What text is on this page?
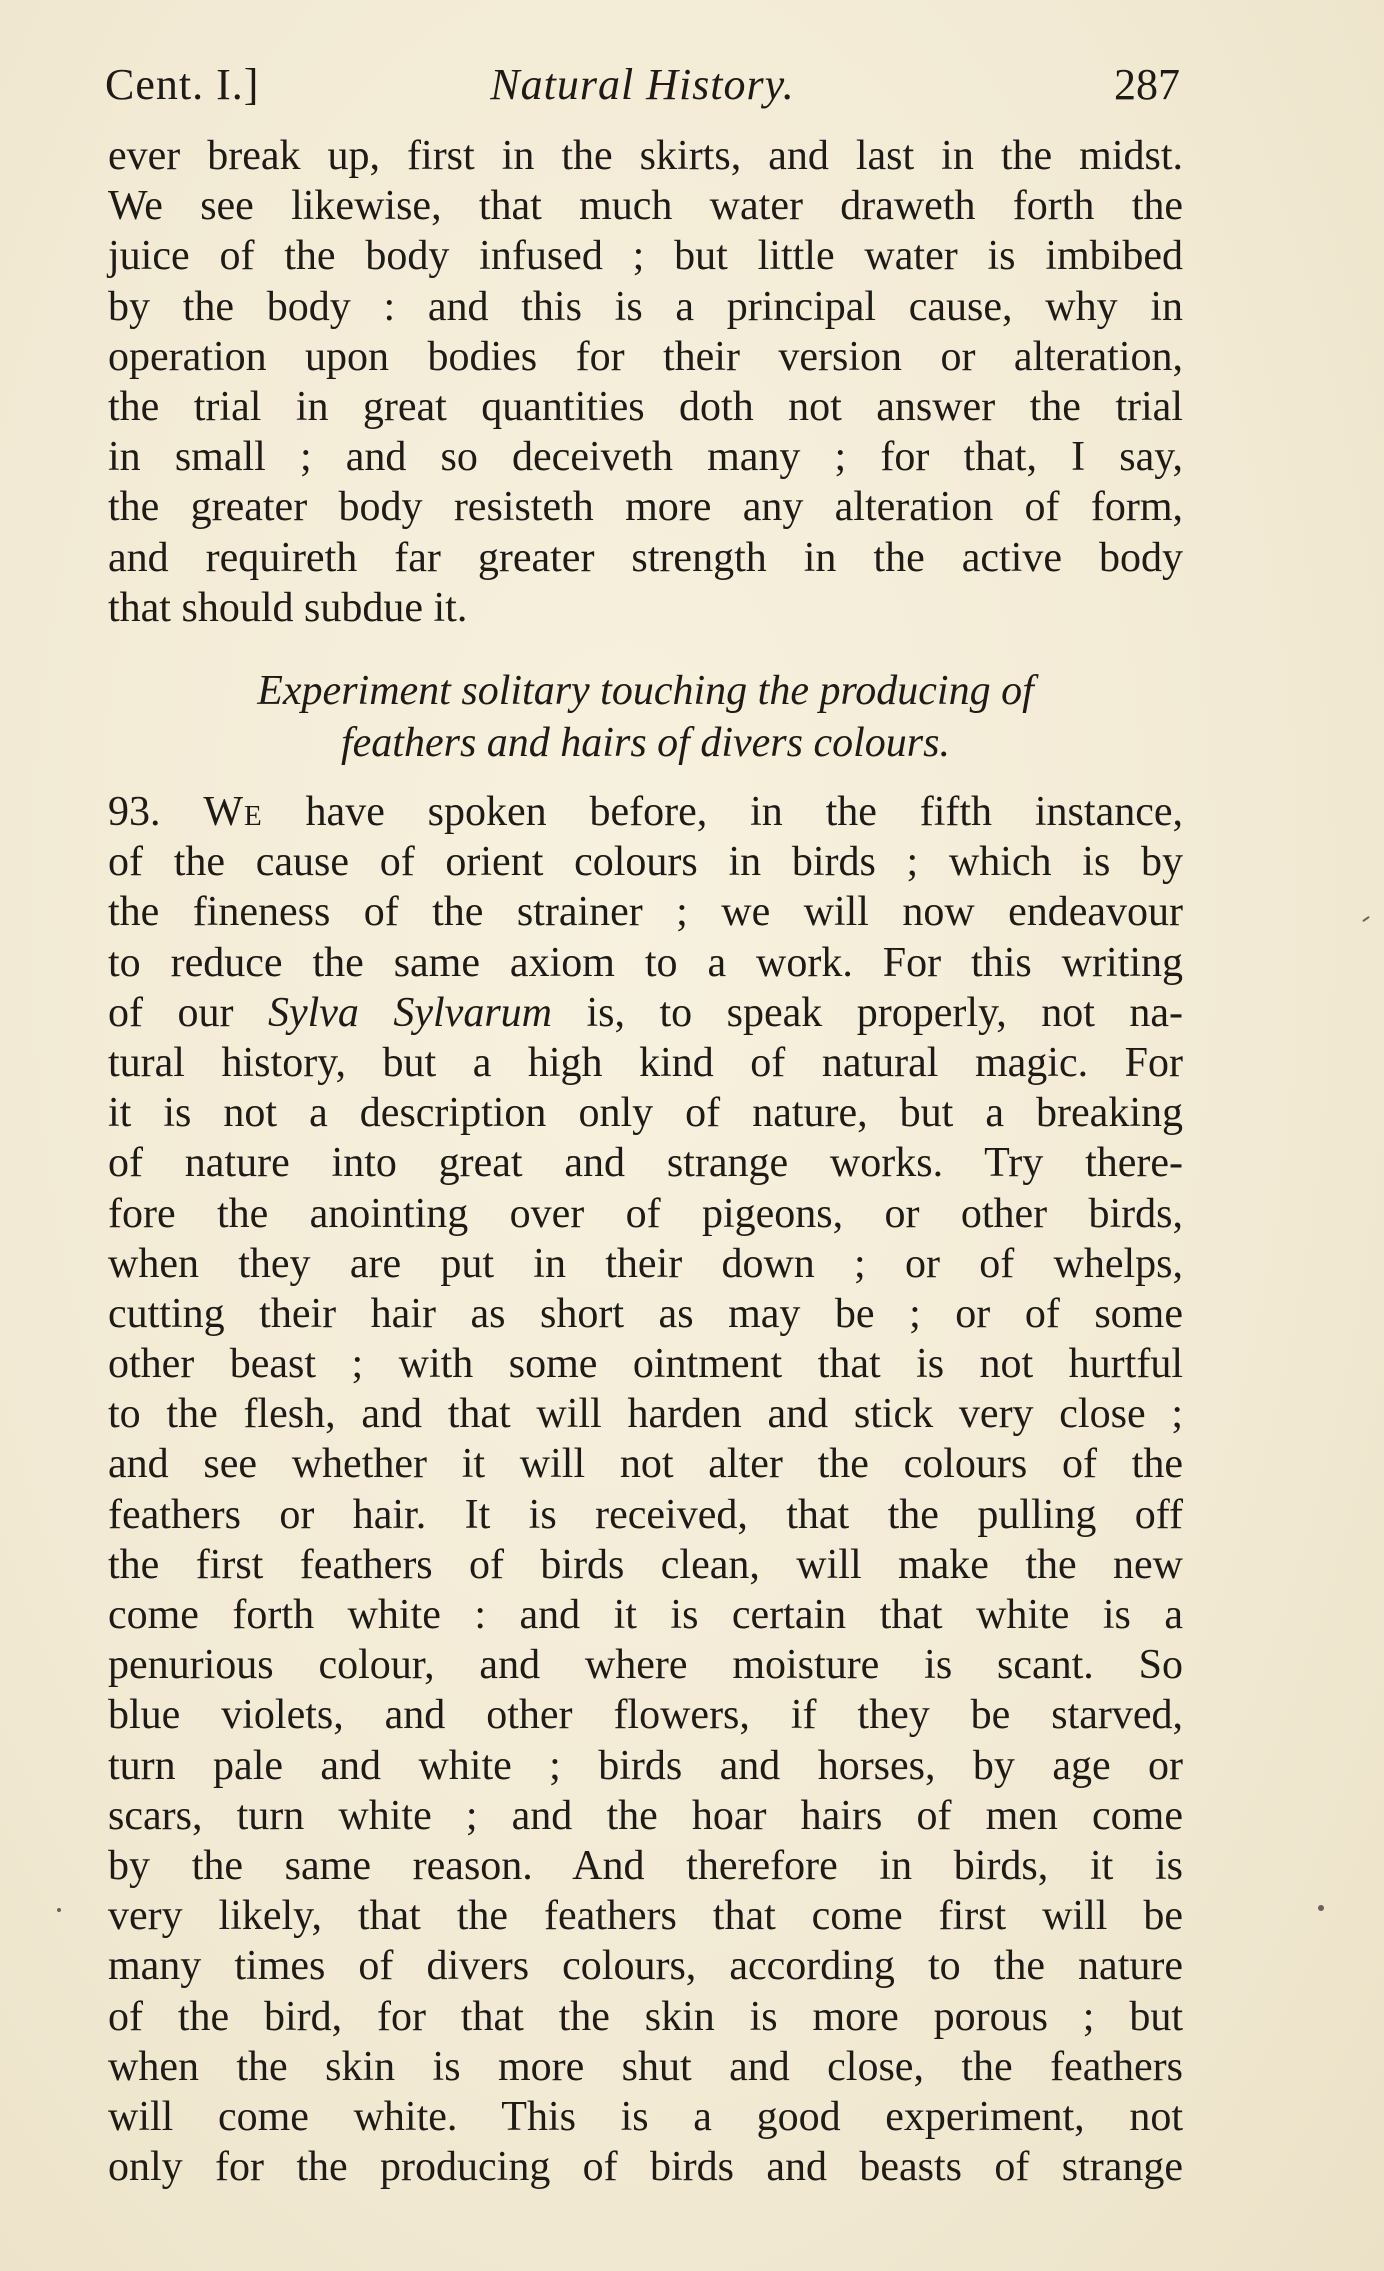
Cent. I.]	Natural History.	287
ever break up, first in the skirts, and last in the midst.
We see likewise, that much water draweth forth the
juice of the body infused ; but little water is imbibed
by the body : and this is a principal cause, why in
operation upon bodies for their version or alteration,
the trial in great quantities doth not answer the trial
in small ; and so deceiveth many ; for that, I say,
the greater body resisteth more any alteration of form,
and requireth far greater strength in the active body
that should subdue it.
Experiment solitary touching the producing of
feathers and hairs of divers colours.
93. We have spoken before, in the fifth instance,
of the cause of orient colours in birds ; which is by
the fineness of the strainer ; we will now endeavour
to reduce the same axiom to a work. For this writing
of our Sylva Sylvarum is, to speak properly, not na-
tural history, but a high kind of natural magic. For
it is not a description only of nature, but a breaking
of nature into great and strange works. Try there-
fore the anointing over of pigeons, or other birds,
when they are put in their down ; or of whelps,
cutting their hair as short as may be ; or of some
other beast ; with some ointment that is not hurtful
to the flesh, and that will harden and stick very close ;
and see whether it will not alter the colours of the
feathers or hair. It is received, that the pulling off
the first feathers of birds clean, will make the new
come forth white : and it is certain that white is a
penurious colour, and where moisture is scant. So
blue violets, and other flowers, if they be starved,
turn pale and white ; birds and horses, by age or
scars, turn white ; and the hoar hairs of men come
by the same reason. And therefore in birds, it is
very likely, that the feathers that come first will be
many times of divers colours, according to the nature
of the bird, for that the skin is more porous ; but
when the skin is more shut and close, the feathers
will come white. This is a good experiment, not
only for the producing of birds and beasts of strange
